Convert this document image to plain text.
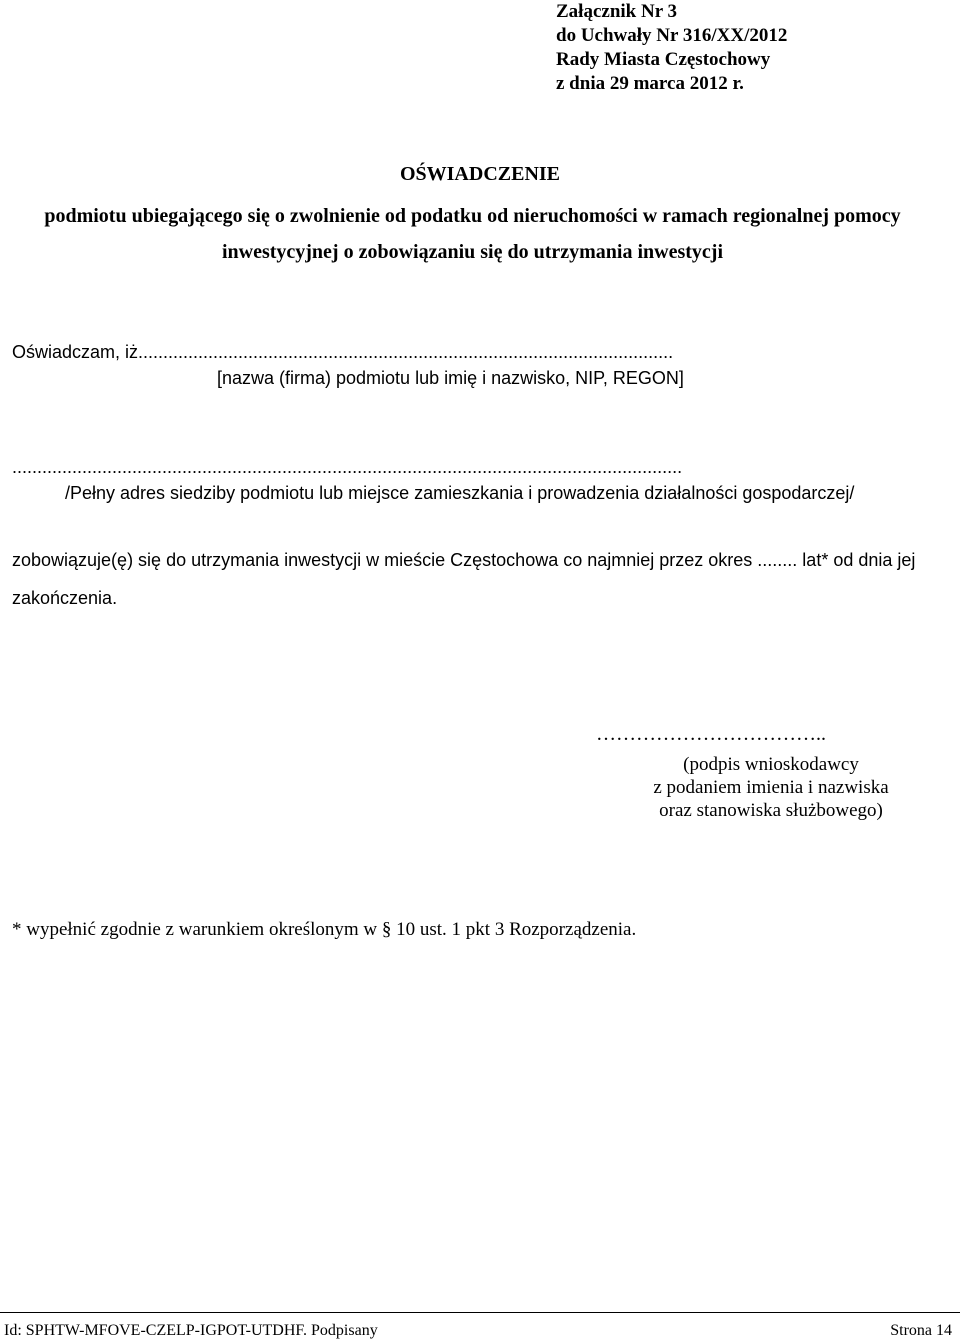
Załącznik Nr 3
do Uchwały Nr 316/XX/2012
Rady Miasta Częstochowy
z dnia 29 marca 2012 r.
OŚWIADCZENIE
podmiotu ubiegającego się o zwolnienie od podatku od nieruchomości w ramach regionalnej pomocy
inwestycyjnej o zobowiązaniu się do utrzymania inwestycji
Oświadczam, iż...........................................................................................................
[nazwa (firma) podmiotu lub imię i nazwisko, NIP, REGON]
......................................................................................................................................
/Pełny adres siedziby podmiotu lub miejsce zamieszkania i prowadzenia działalności gospodarczej/
zobowiązuje(ę) się do utrzymania inwestycji w mieście Częstochowa co najmniej przez okres ........ lat* od dnia jej zakończenia.
……………………………..
(podpis wnioskodawcy
z podaniem imienia i nazwiska
oraz stanowiska służbowego)
* wypełnić zgodnie z warunkiem określonym w § 10 ust. 1 pkt 3 Rozporządzenia.
Id: SPHTW-MFOVE-CZELP-IGPOT-UTDHF. Podpisany	Strona 14
